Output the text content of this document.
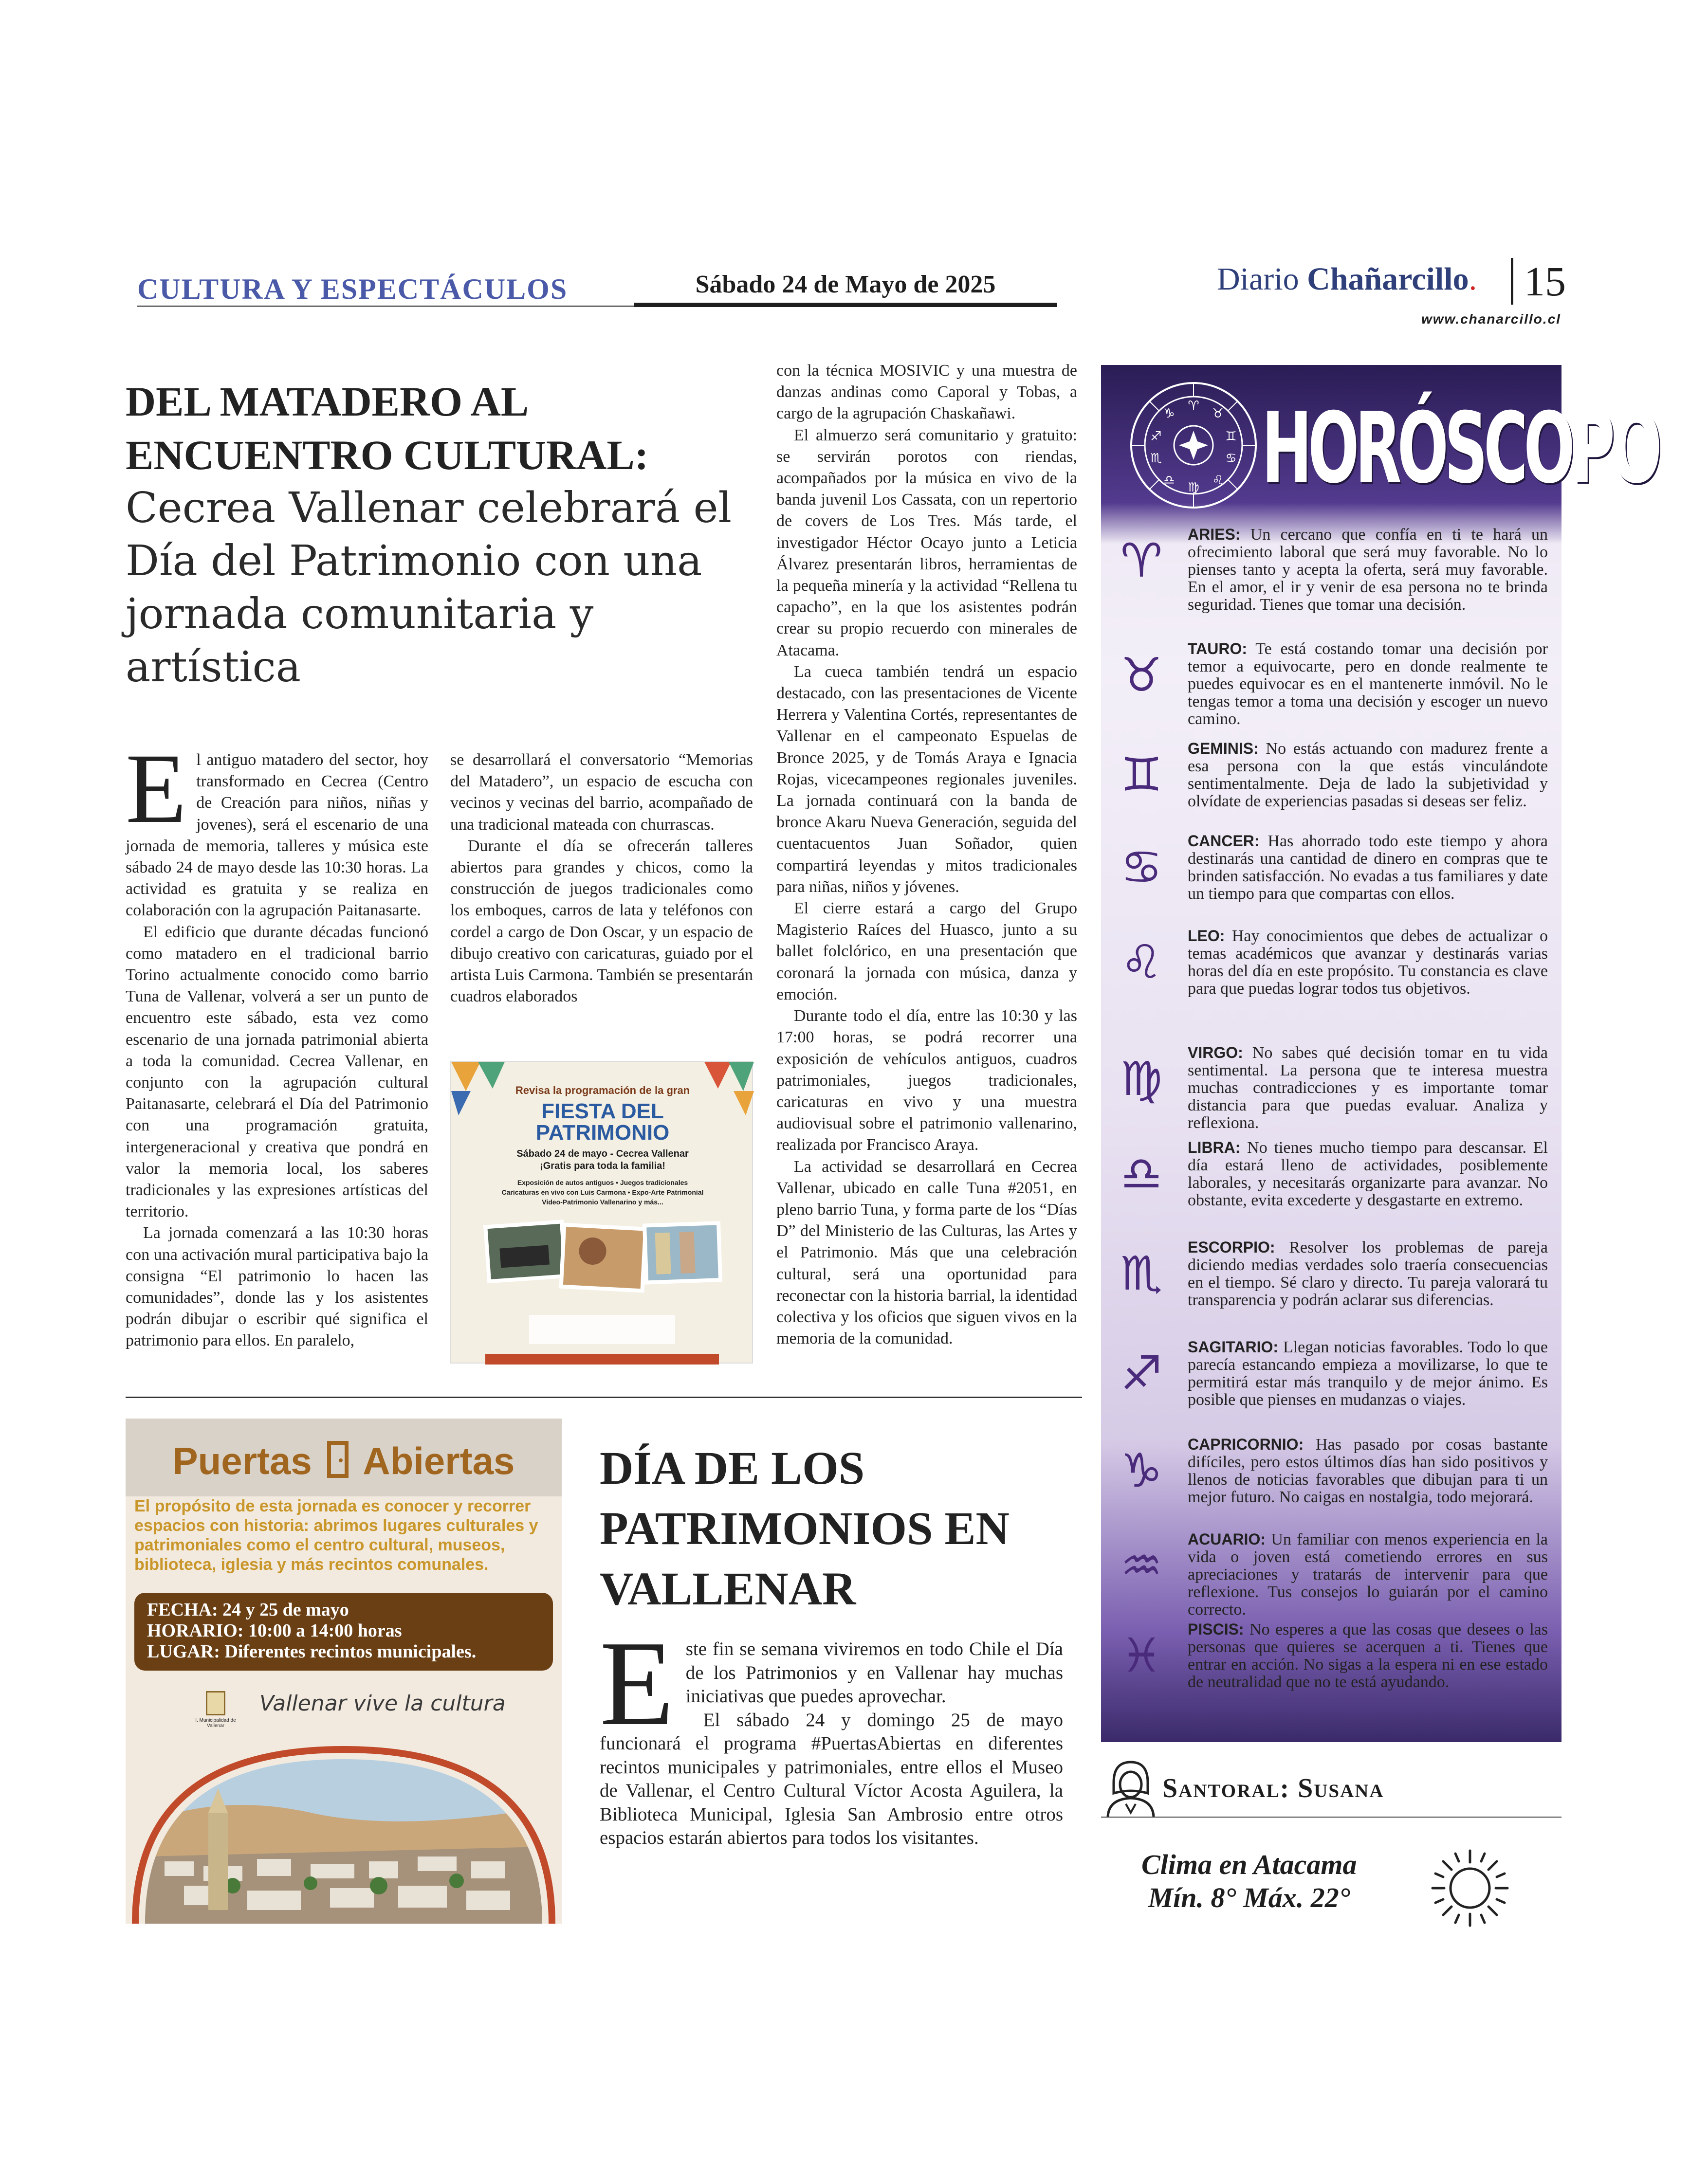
CULTURA Y ESPECTÁCULOS	Sábado 24 de Mayo de 2025	Diario Chañarcillo.	15
www.chanarcillo.cl
DEL MATADERO AL ENCUENTRO CULTURAL:
Cecrea Vallenar celebrará el Día del Patrimonio con una jornada comunitaria y artística

El antiguo matadero del sector, hoy transformado en Cecrea (Centro de Creación para niños, niñas y jovenes), será el escenario de una jornada de memoria, talleres y música este sábado 24 de mayo desde las 10:30 horas. La actividad es gratuita y se realiza en colaboración con la agrupación Paitanasarte.

El edificio que durante décadas funcionó como matadero en el tradicional barrio Torino actualmente conocido como barrio Tuna de Vallenar, volverá a ser un punto de encuentro este sábado, esta vez como escenario de una jornada patrimonial abierta a toda la comunidad. Cecrea Vallenar, en conjunto con la agrupación cultural Paitanasarte, celebrará el Día del Patrimonio con una programación gratuita, intergeneracional y creativa que pondrá en valor la memoria local, los saberes tradicionales y las expresiones artísticas del territorio.

La jornada comenzará a las 10:30 horas con una activación mural participativa bajo la consigna “El patrimonio lo hacen las comunidades”, donde las y los asistentes podrán dibujar o escribir qué significa el patrimonio para ellos. En paralelo,

se desarrollará el conversatorio “Memorias del Matadero”, un espacio de escucha con vecinos y vecinas del barrio, acompañado de una tradicional mateada con churrascas.

Durante el día se ofrecerán talleres abiertos para grandes y chicos, como la construcción de juegos tradicionales como los emboques, carros de lata y teléfonos con cordel a cargo de Don Oscar, y un espacio de dibujo creativo con caricaturas, guiado por el artista Luis Carmona. También se presentarán cuadros elaborados

Revisa la programación de la gran
FIESTA DEL
PATRIMONIO
Sábado 24 de mayo - Cecrea Vallenar
¡Gratis para toda la familia!
Exposición de autos antiguos • Juegos tradicionales
Caricaturas en vivo con Luis Carmona • Expo-Arte Patrimonial
Video-Patrimonio Vallenarino y más...

con la técnica MOSIVIC y una muestra de danzas andinas como Caporal y Tobas, a cargo de la agrupación Chaskañawi.

El almuerzo será comunitario y gratuito: se servirán porotos con riendas, acompañados por la música en vivo de la banda juvenil Los Cassata, con un repertorio de covers de Los Tres. Más tarde, el investigador Héctor Ocayo junto a Leticia Álvarez presentarán libros, herramientas de la pequeña minería y la actividad “Rellena tu capacho”, en la que los asistentes podrán crear su propio recuerdo con minerales de Atacama.

La cueca también tendrá un espacio destacado, con las presentaciones de Vicente Herrera y Valentina Cortés, representantes de Vallenar en el campeonato Espuelas de Bronce 2025, y de Tomás Araya e Ignacia Rojas, vicecampeones regionales juveniles. La jornada continuará con la banda de bronce Akaru Nueva Generación, seguida del cuentacuentos Juan Soñador, quien compartirá leyendas y mitos tradicionales para niñas, niños y jóvenes.

El cierre estará a cargo del Grupo Magisterio Raíces del Huasco, junto a su ballet folclórico, en una presentación que coronará la jornada con música, danza y emoción.

Durante todo el día, entre las 10:30 y las 17:00 horas, se podrá recorrer una exposición de vehículos antiguos, cuadros patrimoniales, juegos tradicionales, caricaturas en vivo y una muestra audiovisual sobre el patrimonio vallenarino, realizada por Francisco Araya.

La actividad se desarrollará en Cecrea Vallenar, ubicado en calle Tuna #2051, en pleno barrio Tuna, y forma parte de los “Días D” del Ministerio de las Culturas, las Artes y el Patrimonio. Más que una celebración cultural, será una oportunidad para reconectar con la historia barrial, la identidad colectiva y los oficios que siguen vivos en la memoria de la comunidad.

Puertas Abiertas
El propósito de esta jornada es conocer y recorrer espacios con historia: abrimos lugares culturales y patrimoniales como el centro cultural, museos, biblioteca, iglesia y más recintos comunales.
FECHA: 24 y 25 de mayo
HORARIO: 10:00 a 14:00 horas
LUGAR: Diferentes recintos municipales.
I. Municipalidad de Vallenar
Vallenar vive la cultura
DÍA DE LOS PATRIMONIOS EN VALLENAR

Este fin se semana viviremos en todo Chile el Día de los Patrimonios y en Vallenar hay muchas iniciativas que puedes aprovechar.

El sábado 24 y domingo 25 de mayo funcionará el programa #PuertasAbiertas en diferentes recintos municipales y patrimoniales, entre ellos el Museo de Vallenar, el Centro Cultural Víctor Acosta Aguilera, la Biblioteca Municipal, Iglesia San Ambrosio entre otros espacios estarán abiertos para todos los visitantes.

♈
♉
♊
♋
♌
♍
♎
♏
♐
♑ HORÓSCOPO
♈	ARIES: Un cercano que confía en ti te hará un ofrecimiento laboral que será muy favorable. No lo pienses tanto y acepta la oferta, será muy favorable. En el amor, el ir y venir de esa persona no te brinda seguridad. Tienes que tomar una decisión.
♉	TAURO: Te está costando tomar una decisión por temor a equivocarte, pero en donde realmente te puedes equivocar es en el mantenerte inmóvil. No le tengas temor a toma una decisión y escoger un nuevo camino.
♊	GEMINIS: No estás actuando con madurez frente a esa persona con la que estás vinculándote sentimentalmente. Deja de lado la subjetividad y olvídate de experiencias pasadas si deseas ser feliz.
♋	CANCER: Has ahorrado todo este tiempo y ahora destinarás una cantidad de dinero en compras que te brinden satisfacción. No evadas a tus familiares y date un tiempo para que compartas con ellos.
♌	LEO: Hay conocimientos que debes de actualizar o temas académicos que avanzar y destinarás varias horas del día en este propósito. Tu constancia es clave para que puedas lograr todos tus objetivos.
♍	VIRGO: No sabes qué decisión tomar en tu vida sentimental. La persona que te interesa muestra muchas contradicciones y es importante tomar distancia para que puedas evaluar. Analiza y reflexiona.
♎	LIBRA: No tienes mucho tiempo para descansar. El día estará lleno de actividades, posiblemente laborales, y necesitarás organizarte para avanzar. No obstante, evita excederte y desgastarte en extremo.
♏	ESCORPIO: Resolver los problemas de pareja diciendo medias verdades solo traería consecuencias en el tiempo. Sé claro y directo. Tu pareja valorará tu transparencia y podrán aclarar sus diferencias.
♐	SAGITARIO: Llegan noticias favorables. Todo lo que parecía estancando empieza a movilizarse, lo que te permitirá estar más tranquilo y de mejor ánimo. Es posible que pienses en mudanzas o viajes.
♑	CAPRICORNIO: Has pasado por cosas bastante difíciles, pero estos últimos días han sido positivos y llenos de noticias favorables que dibujan para ti un mejor futuro. No caigas en nostalgia, todo mejorará.
♒	ACUARIO: Un familiar con menos experiencia en la vida o joven está cometiendo errores en sus apreciaciones y tratarás de intervenir para que reflexione. Tus consejos lo guiarán por el camino correcto.
♓	PISCIS: No esperes a que las cosas que desees o las personas que quieres se acerquen a ti. Tienes que entrar en acción. No sigas a la espera ni en ese estado de neutralidad que no te está ayudando.
Santoral: Susana
Clima en Atacama
Mín. 8° Máx. 22°
